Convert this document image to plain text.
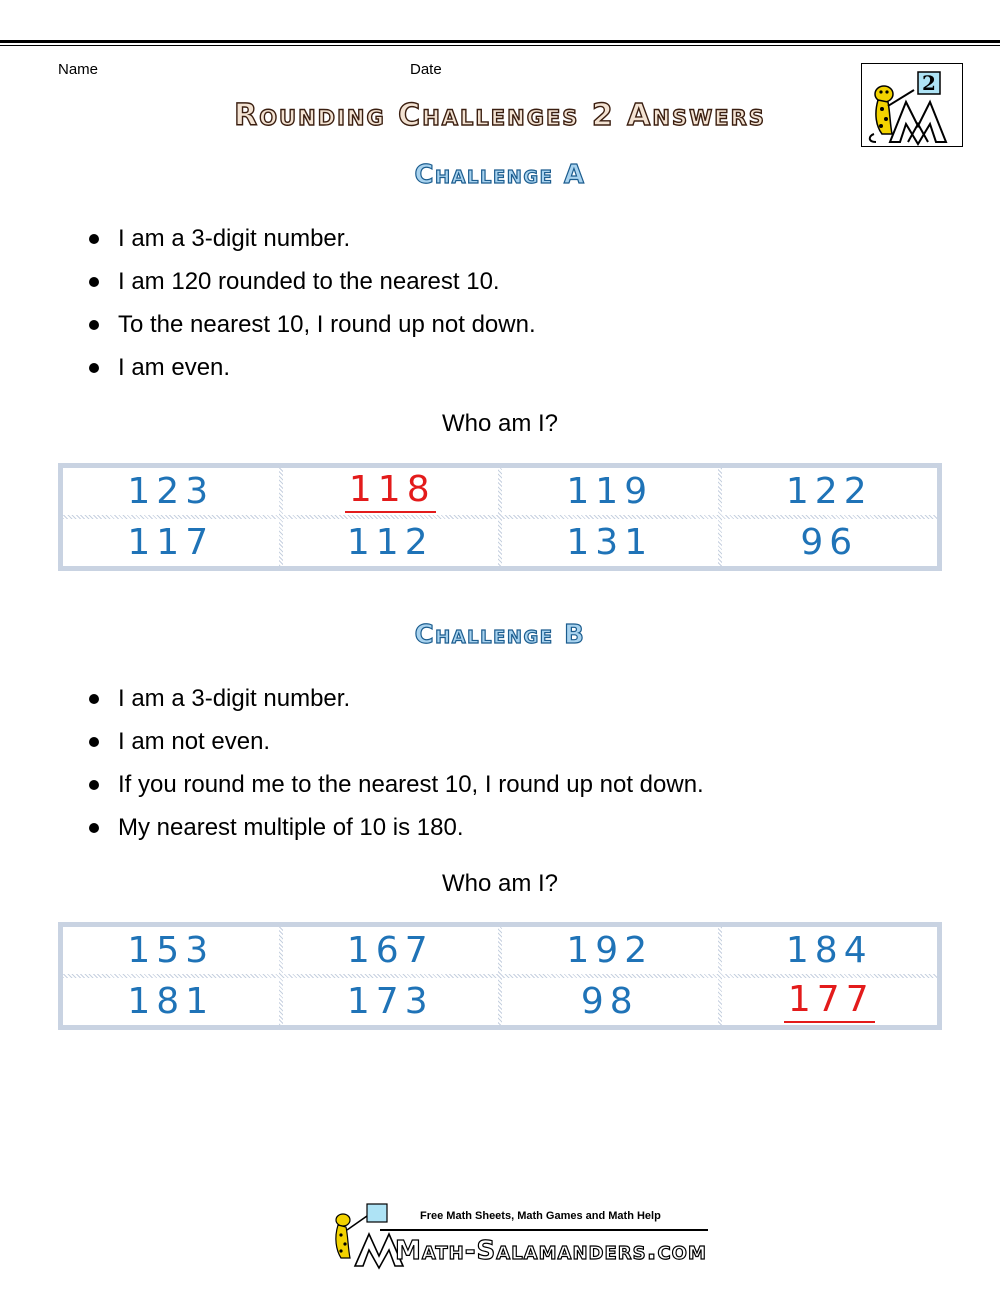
Name	Date
Rounding Challenges 2 Answers
2
Challenge A
I am a 3-digit number.
I am 120 rounded to the nearest 10.
To the nearest 10, I round up not down.
I am even.
Who am I?
123	118	119	122
117	112	131	96
Challenge B
I am a 3-digit number.
I am not even.
If you round me to the nearest 10, I round up not down.
My nearest multiple of 10 is 180.
Who am I?
153	167	192	184
181	173	98	177
Free Math Sheets, Math Games and Math Help
Math-Salamanders.com
